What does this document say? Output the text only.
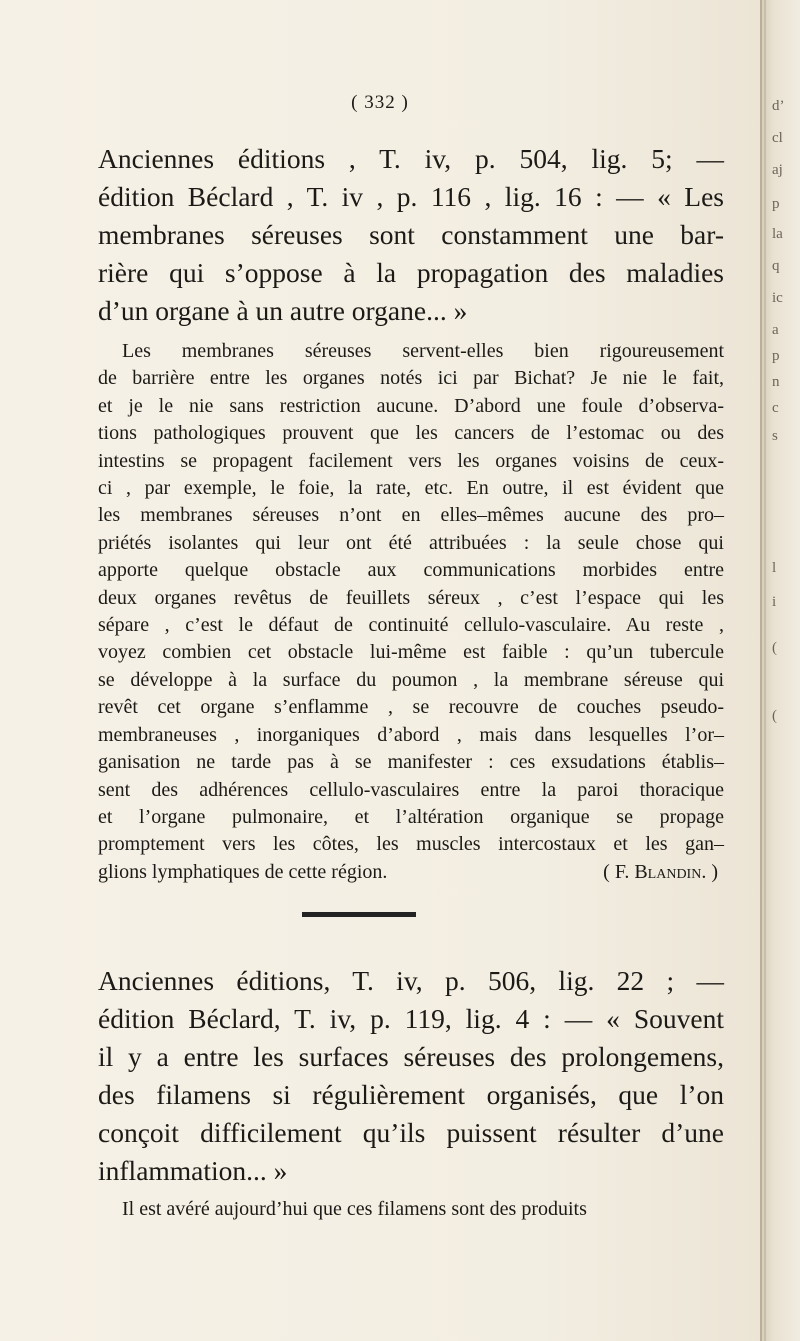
( 332 )
Anciennes éditions , T. iv, p. 504, lig. 5; —
édition Béclard , T. iv , p. 116 , lig. 16 : — « Les
membranes séreuses sont constamment une bar-
rière qui s’oppose à la propagation des maladies
d’un organe à un autre organe... »
Les membranes séreuses servent-elles bien rigoureusement
de barrière entre les organes notés ici par Bichat? Je nie le fait,
et je le nie sans restriction aucune. D’abord une foule d’observa-
tions pathologiques prouvent que les cancers de l’estomac ou des
intestins se propagent facilement vers les organes voisins de ceux-
ci , par exemple, le foie, la rate, etc. En outre, il est évident que
les membranes séreuses n’ont en elles–mêmes aucune des pro–
priétés isolantes qui leur ont été attribuées : la seule chose qui
apporte quelque obstacle aux communications morbides entre
deux organes revêtus de feuillets séreux , c’est l’espace qui les
sépare , c’est le défaut de continuité cellulo-vasculaire. Au reste ,
voyez combien cet obstacle lui-même est faible : qu’un tubercule
se développe à la surface du poumon , la membrane séreuse qui
revêt cet organe s’enflamme , se recouvre de couches pseudo-
membraneuses , inorganiques d’abord , mais dans lesquelles l’or–
ganisation ne tarde pas à se manifester : ces exsudations établis–
sent des adhérences cellulo-vasculaires entre la paroi thoracique
et l’organe pulmonaire, et l’altération organique se propage
promptement vers les côtes, les muscles intercostaux et les gan–
glions lymphatiques de cette région.	( F. Blandin. )
Anciennes éditions, T. iv, p. 506, lig. 22 ; —
édition Béclard, T. iv, p. 119, lig. 4 : — « Souvent
il y a entre les surfaces séreuses des prolongemens,
des filamens si régulièrement organisés, que l’on
conçoit difficilement qu’ils puissent résulter d’une
inflammation... »
Il est avéré aujourd’hui que ces filamens sont des produits
d’
cl
aj
p
la
q
ic
a
p
n
c
s
l
i
(
(
